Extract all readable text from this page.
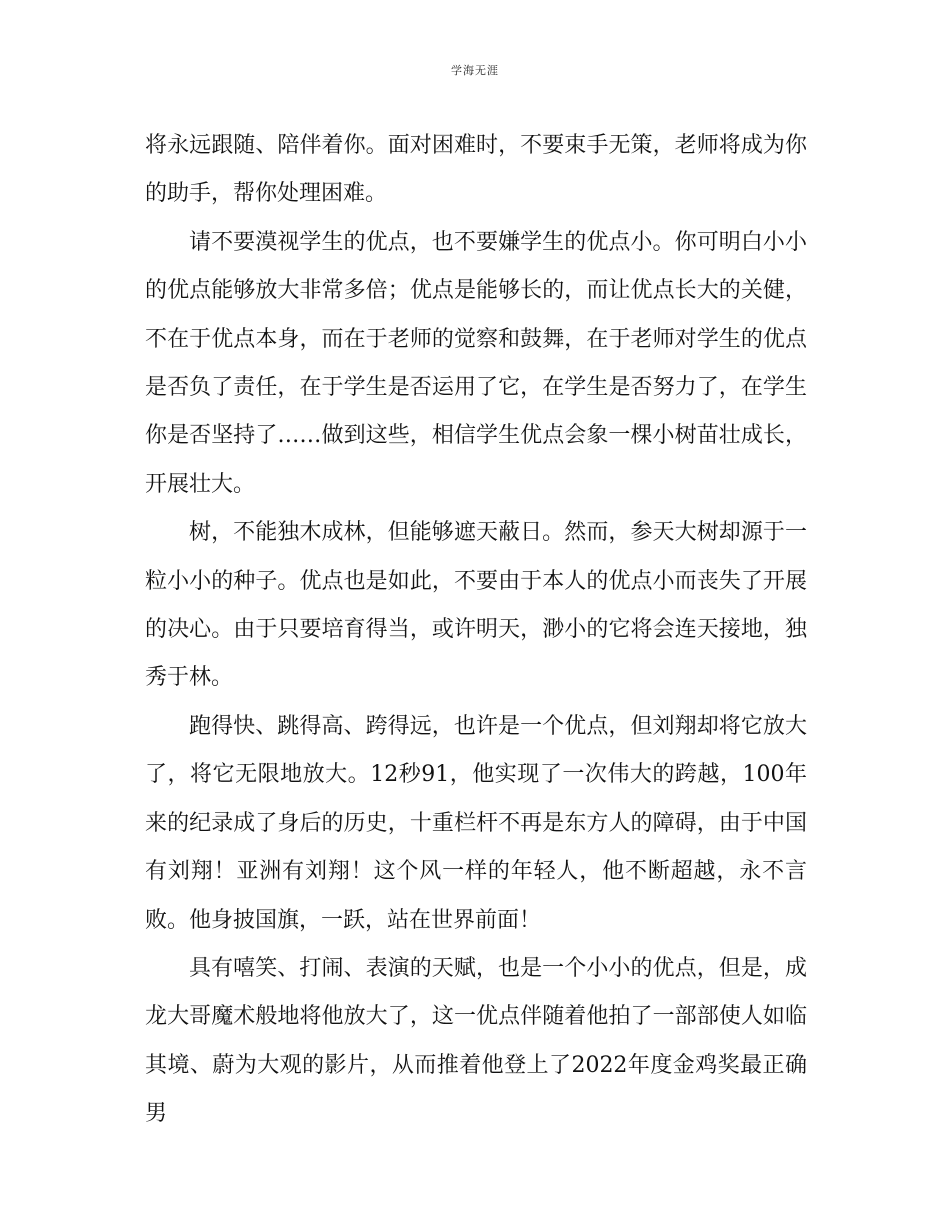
学海无涯

将永远跟随、陪伴着你。面对困难时，不要束手无策，老师将成为你的助手，帮你处理困难。

请不要漠视学生的优点，也不要嫌学生的优点小。你可明白小小的优点能够放大非常多倍；优点是能够长的，而让优点长大的关健，不在于优点本身，而在于老师的觉察和鼓舞，在于老师对学生的优点是否负了责任，在于学生是否运用了它，在学生是否努力了，在学生你是否坚持了……做到这些，相信学生优点会象一棵小树苗壮成长，开展壮大。

树，不能独木成林，但能够遮天蔽日。然而，参天大树却源于一粒小小的种子。优点也是如此，不要由于本人的优点小而丧失了开展的决心。由于只要培育得当，或许明天，渺小的它将会连天接地，独秀于林。

跑得快、跳得高、跨得远，也许是一个优点，但刘翔却将它放大了，将它无限地放大。12秒91，他实现了一次伟大的跨越，100年来的纪录成了身后的历史，十重栏杆不再是东方人的障碍，由于中国有刘翔！亚洲有刘翔！这个风一样的年轻人，他不断超越，永不言败。他身披国旗，一跃，站在世界前面！

具有嘻笑、打闹、表演的天赋，也是一个小小的优点，但是，成龙大哥魔术般地将他放大了，这一优点伴随着他拍了一部部使人如临其境、蔚为大观的影片，从而推着他登上了2022年度金鸡奖最正确男
